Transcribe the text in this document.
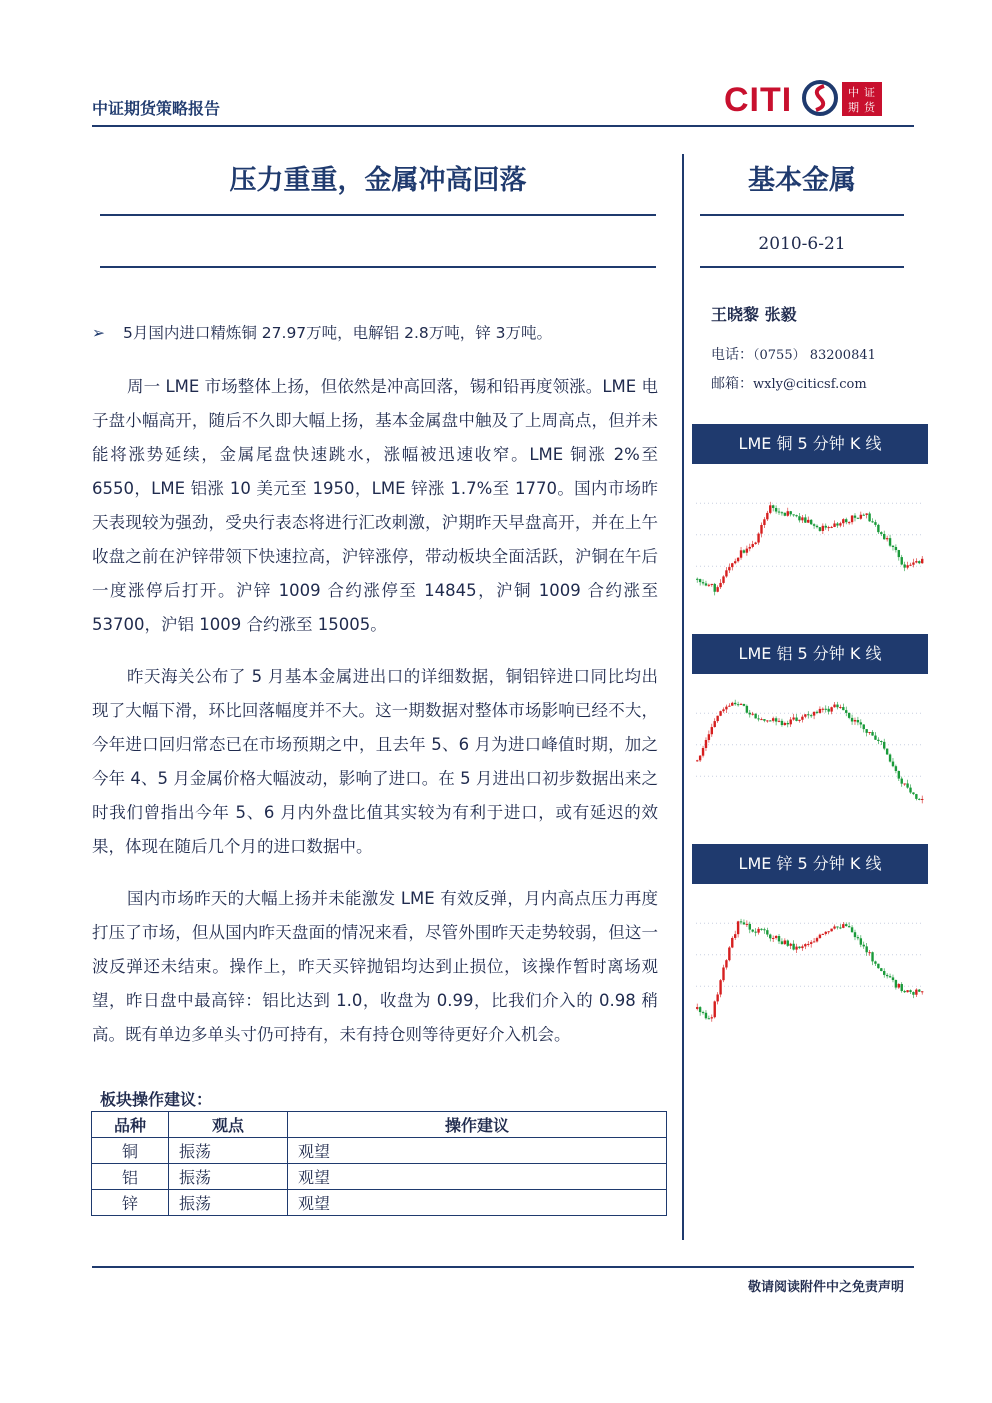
中证期货策略报告	CITI	中 证
期 货
压力重重，金属冲高回落	基本金属
2010-6-21
王晓黎 张毅
电话：（0755） 83200841
邮箱：wxly@citicsf.com
➢ 5月国内进口精炼铜 27.97万吨，电解铝 2.8万吨，锌 3万吨。

周一 LME 市场整体上扬，但依然是冲高回落，锡和铅再度领涨。LME 电子盘小幅高开，随后不久即大幅上扬，基本金属盘中触及了上周高点，但并未能将涨势延续，金属尾盘快速跳水，涨幅被迅速收窄。LME 铜涨 2%至 6550，LME 铝涨 10 美元至 1950，LME 锌涨 1.7%至 1770。国内市场昨天表现较为强劲，受央行表态将进行汇改刺激，沪期昨天早盘高开，并在上午收盘之前在沪锌带领下快速拉高，沪锌涨停，带动板块全面活跃，沪铜在午后一度涨停后打开。沪锌 1009 合约涨停至 14845，沪铜 1009 合约涨至 53700，沪铝 1009 合约涨至 15005。

昨天海关公布了 5 月基本金属进出口的详细数据，铜铝锌进口同比均出现了大幅下滑，环比回落幅度并不大。这一期数据对整体市场影响已经不大，今年进口回归常态已在市场预期之中，且去年 5、6 月为进口峰值时期，加之今年 4、5 月金属价格大幅波动，影响了进口。在 5 月进出口初步数据出来之时我们曾指出今年 5、6 月内外盘比值其实较为有利于进口，或有延迟的效果，体现在随后几个月的进口数据中。

国内市场昨天的大幅上扬并未能激发 LME 有效反弹，月内高点压力再度打压了市场，但从国内昨天盘面的情况来看，尽管外围昨天走势较弱，但这一波反弹还未结束。操作上，昨天买锌抛铝均达到止损位，该操作暂时离场观望，昨日盘中最高锌：铝比达到 1.0，收盘为 0.99，比我们介入的 0.98 稍高。既有单边多单头寸仍可持有，未有持仓则等待更好介入机会。

板块操作建议：
品种	观点	操作建议
铜	振荡	观望
铝	振荡	观望
锌	振荡	观望
LME 铜 5 分钟 K 线
LME 铝 5 分钟 K 线
LME 锌 5 分钟 K 线
敬请阅读附件中之免责声明
